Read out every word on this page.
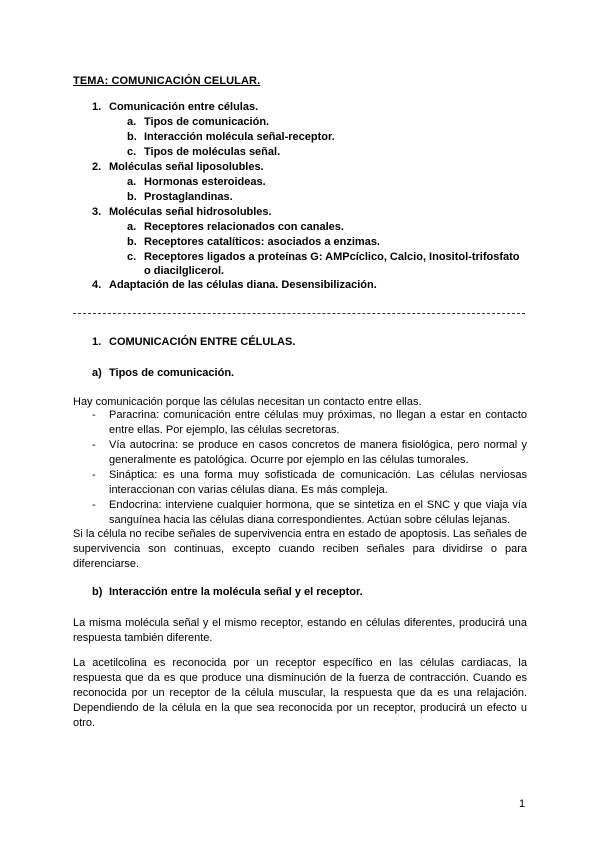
TEMA: COMUNICACIÓN CELULAR.
1. Comunicación entre células.
a. Tipos de comunicación.
b. Interacción molécula señal-receptor.
c. Tipos de moléculas señal.
2. Moléculas señal liposolubles.
a. Hormonas esteroideas.
b. Prostaglandinas.
3. Moléculas señal hidrosolubles.
a. Receptores relacionados con canales.
b. Receptores catalíticos: asociados a enzimas.
c. Receptores ligados a proteínas G: AMPcíclico, Calcio, Inositol-trifosfato
o diacilglicerol.
4. Adaptación de las células diana. Desensibilización.
1. COMUNICACIÓN ENTRE CÉLULAS.
a) Tipos de comunicación.
Hay comunicación porque las células necesitan un contacto entre ellas.
- Paracrina: comunicación entre células muy próximas, no llegan a estar en contacto entre ellas. Por ejemplo, las células secretoras.
- Vía autocrina: se produce en casos concretos de manera fisiológica, pero normal y generalmente es patológica. Ocurre por ejemplo en las células tumorales.
- Sináptica: es una forma muy sofisticada de comunicación. Las células nerviosas interaccionan con varias células diana. Es más compleja.
- Endocrina: interviene cualquier hormona, que se sintetiza en el SNC y que viaja vía sanguínea hacia las células diana correspondientes. Actúan sobre células lejanas.
Si la célula no recibe señales de supervivencia entra en estado de apoptosis. Las señales de supervivencia son continuas, excepto cuando reciben señales para dividirse o para diferenciarse.
b) Interacción entre la molécula señal y el receptor.
La misma molécula señal y el mismo receptor, estando en células diferentes, producirá una respuesta también diferente.
La acetilcolina es reconocida por un receptor específico en las células cardiacas, la respuesta que da es que produce una disminución de la fuerza de contracción. Cuando es reconocida por un receptor de la célula muscular, la respuesta que da es una relajación. Dependiendo de la célula en la que sea reconocida por un receptor, producirá un efecto u otro.
1
